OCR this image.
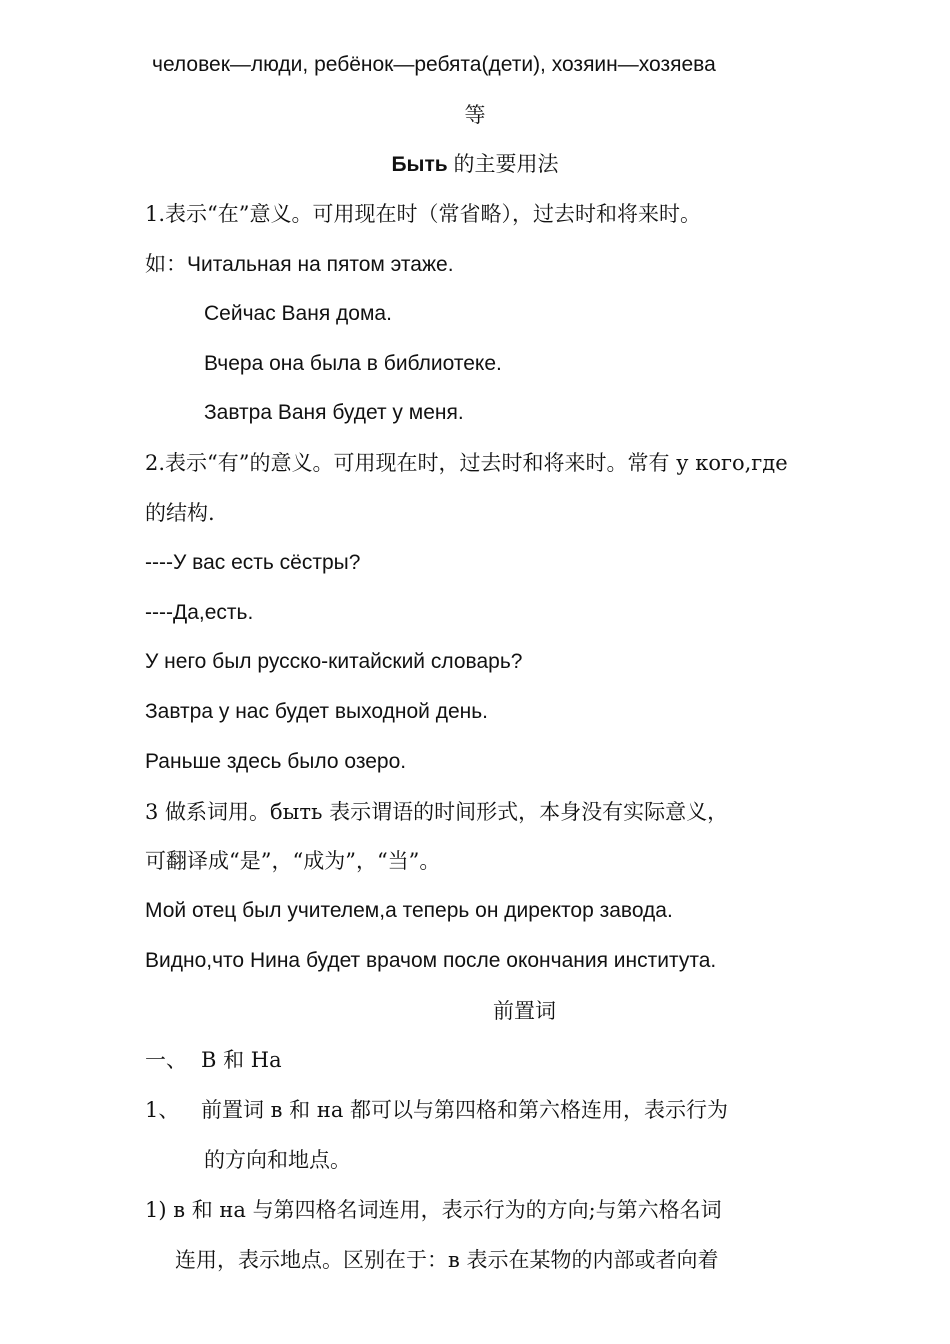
человек—люди, ребёнок—ребята(дети), хозяин—хозяева
等
Быть 的主要用法
1.表示“在”意义。可用现在时（常省略），过去时和将来时。
如：Читальная на пятом этаже.
Сейчас Ваня дома.
Вчера она была в библиотеке.
Завтра Ваня будет у меня.
2.表示“有”的意义。可用现在时，过去时和将来时。常有 у кого,где
的结构.
----У вас есть сёстры?
----Да,есть.
У него был русско-китайский словарь?
Завтра у нас будет выходной день.
Раньше здесь было озеро.
3 做系词用。быть 表示谓语的时间形式，本身没有实际意义，
可翻译成“是”，“成为”，“当”。
Мой отец был учителем,а теперь он директор завода.
Видно,что Нина будет врачом после окончания института.
前置词
一、 В 和 На
1、 前置词 в 和 на 都可以与第四格和第六格连用，表示行为
的方向和地点。
1) в 和 на 与第四格名词连用，表示行为的方向;与第六格名词
连用，表示地点。区别在于：в 表示在某物的内部或者向着
